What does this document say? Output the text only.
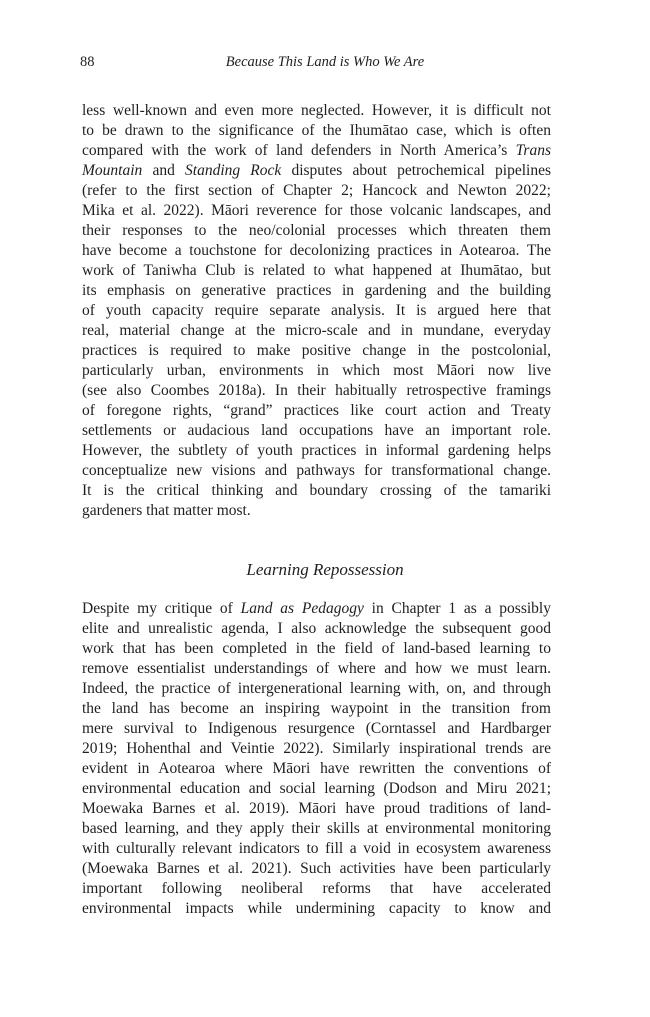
88	Because This Land is Who We Are
less well-known and even more neglected. However, it is difficult not
to be drawn to the significance of the Ihumātao case, which is often
compared with the work of land defenders in North America’s Trans
Mountain and Standing Rock disputes about petrochemical pipelines
(refer to the first section of Chapter 2; Hancock and Newton 2022;
Mika et al. 2022). Māori reverence for those volcanic landscapes, and
their responses to the neo/colonial processes which threaten them
have become a touchstone for decolonizing practices in Aotearoa. The
work of Taniwha Club is related to what happened at Ihumātao, but
its emphasis on generative practices in gardening and the building
of youth capacity require separate analysis. It is argued here that
real, material change at the micro-scale and in mundane, everyday
practices is required to make positive change in the postcolonial,
particularly urban, environments in which most Māori now live
(see also Coombes 2018a). In their habitually retrospective framings
of foregone rights, “grand” practices like court action and Treaty
settlements or audacious land occupations have an important role.
However, the subtlety of youth practices in informal gardening helps
conceptualize new visions and pathways for transformational change.
It is the critical thinking and boundary crossing of the tamariki
gardeners that matter most.
Learning Repossession
Despite my critique of Land as Pedagogy in Chapter 1 as a possibly
elite and unrealistic agenda, I also acknowledge the subsequent good
work that has been completed in the field of land-based learning to
remove essentialist understandings of where and how we must learn.
Indeed, the practice of intergenerational learning with, on, and through
the land has become an inspiring waypoint in the transition from
mere survival to Indigenous resurgence (Corntassel and Hardbarger
2019; Hohenthal and Veintie 2022). Similarly inspirational trends are
evident in Aotearoa where Māori have rewritten the conventions of
environmental education and social learning (Dodson and Miru 2021;
Moewaka Barnes et al. 2019). Māori have proud traditions of land-
based learning, and they apply their skills at environmental monitoring
with culturally relevant indicators to fill a void in ecosystem awareness
(Moewaka Barnes et al. 2021). Such activities have been particularly
important following neoliberal reforms that have accelerated
environmental impacts while undermining capacity to know and
